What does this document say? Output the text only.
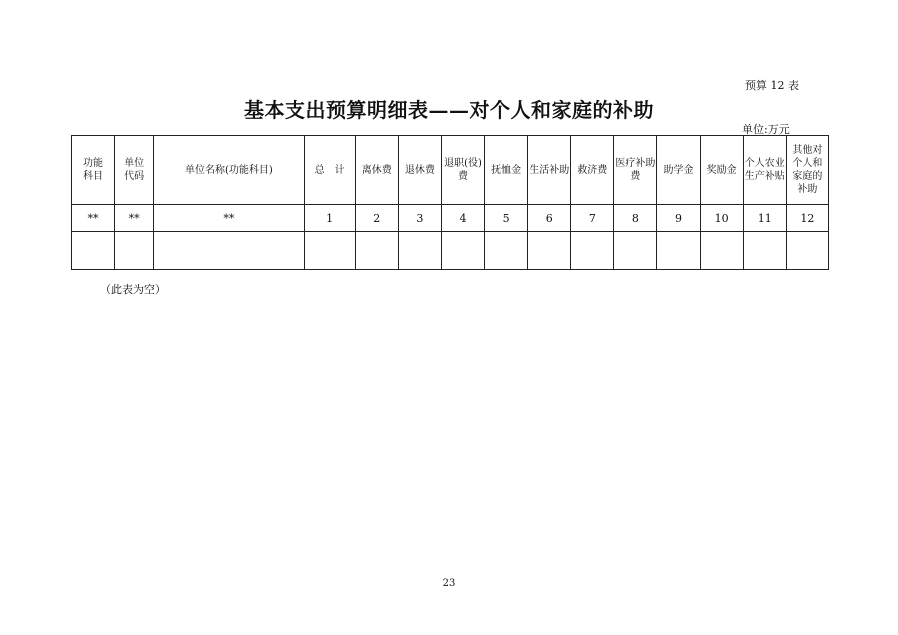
预算 12 表
基本支出预算明细表——对个人和家庭的补助
单位:万元
功能科目	单位代码	单位名称(功能科目)	总　计	离休费	退休费	退职(役)费	抚恤金	生活补助	救济费	医疗补助费	助学金	奖励金	个人农业生产补贴	其他对个人和家庭的补助
**	**	**	1	2	3	4	5	6	7	8	9	10	11	12

（此表为空）
23
